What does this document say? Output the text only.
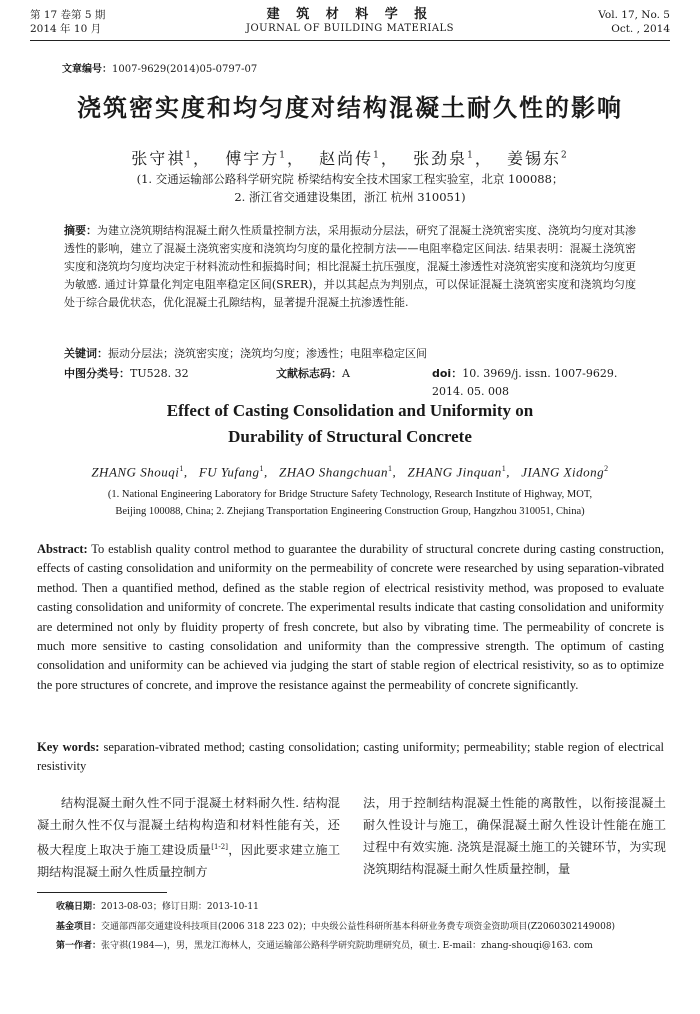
第 17 卷第 5 期
2014 年 10 月
建 筑 材 料 学 报
JOURNAL OF BUILDING MATERIALS
Vol. 17, No. 5
Oct. , 2014
文章编号：1007-9629(2014)05-0797-07
浇筑密实度和均匀度对结构混凝土耐久性的影响
张守祺$^1$，  傅宇方$^1$，  赵尚传$^1$，  张劲泉$^1$，  姜锡东$^2$
(1. 交通运输部公路科学研究院 桥梁结构安全技术国家工程实验室，北京 100088；
2. 浙江省交通建设集团，浙江 杭州 310051)
摘要：为建立浇筑期结构混凝土耐久性质量控制方法，采用振动分层法，研究了混凝土浇筑密实度、浇筑均匀度对其渗透性的影响，建立了混凝土浇筑密实度和浇筑均匀度的量化控制方法——电阻率稳定区间法. 结果表明：混凝土浇筑密实度和浇筑均匀度均决定于材料流动性和振捣时间；相比混凝土抗压强度，混凝土渗透性对浇筑密实度和浇筑均匀度更为敏感. 通过计算量化判定电阻率稳定区间(SRER)，并以其起点为判别点，可以保证混凝土浇筑密实度和浇筑均匀度处于综合最优状态，优化混凝土孔隙结构，显著提升混凝土抗渗透性能.
关键词：振动分层法；浇筑密实度；浇筑均匀度；渗透性；电阻率稳定区间
中图分类号：TU528. 32	文献标志码：A	doi：10. 3969/j. issn. 1007-9629. 2014. 05. 008
Effect of Casting Consolidation and Uniformity on
Durability of Structural Concrete
ZHANG Shouqi$^1$,   FU Yufang$^1$,   ZHAO Shangchuan$^1$,   ZHANG Jinquan$^1$,   JIANG Xidong$^2$
(1. National Engineering Laboratory for Bridge Structure Safety Technology, Research Institute of Highway, MOT,
Beijing 100088, China; 2. Zhejiang Transportation Engineering Construction Group, Hangzhou 310051, China)
Abstract: To establish quality control method to guarantee the durability of structural concrete during casting construction, effects of casting consolidation and uniformity on the permeability of concrete were researched by using separation-vibrated method. Then a quantified method, defined as the stable region of electrical resistivity method, was proposed to evaluate casting consolidation and uniformity of concrete. The experimental results indicate that casting consolidation and uniformity are determined not only by fluidity property of fresh concrete, but also by vibrating time. The permeability of concrete is much more sensitive to casting consolidation and uniformity than the compressive strength. The optimum of casting consolidation and uniformity can be achieved via judging the start of stable region of electrical resistivity, so as to optimize the pore structures of concrete, and improve the resistance against the permeability of concrete significantly.
Key words: separation-vibrated method; casting consolidation; casting uniformity; permeability; stable region of electrical resistivity
结构混凝土耐久性不同于混凝土材料耐久性. 结构混凝土耐久性不仅与混凝土结构构造和材料性能有关，还极大程度上取决于施工建设质量[1-2]，因此要求建立施工期结构混凝土耐久性质量控制方
法，用于控制结构混凝土性能的离散性，以衔接混凝土耐久性设计与施工，确保混凝土耐久性设计性能在施工过程中有效实施. 浇筑是混凝土施工的关键环节，为实现浇筑期结构混凝土耐久性质量控制，量
收稿日期：2013-08-03；修订日期：2013-10-11
基金项目：交通部西部交通建设科技项目(2006 318 223 02)；中央级公益性科研所基本科研业务费专项资金资助项目(Z2060302149008)
第一作者：张守祺(1984—)，男，黑龙江海林人，交通运输部公路科学研究院助理研究员，硕士. E-mail：zhang-shouqi@163. com
